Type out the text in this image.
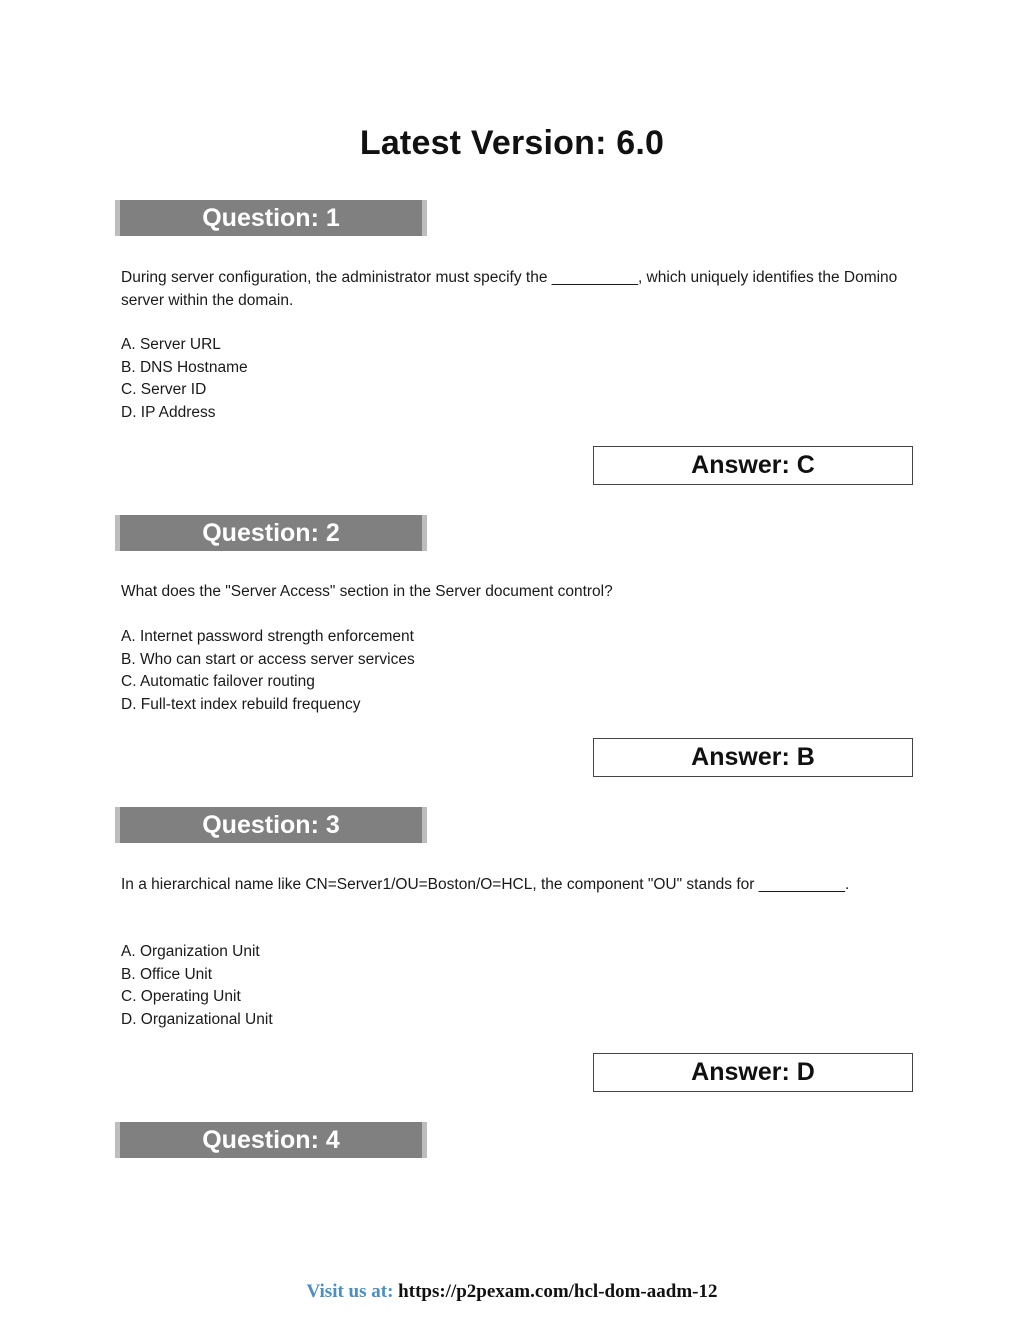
Latest Version: 6.0
Question: 1

During server configuration, the administrator must specify the __________, which uniquely identifies the Domino server within the domain.

A. Server URL
B. DNS Hostname
C. Server ID
D. IP Address
Answer: C
Question: 2

What does the "Server Access" section in the Server document control?

A. Internet password strength enforcement
B. Who can start or access server services
C. Automatic failover routing
D. Full-text index rebuild frequency
Answer: B
Question: 3

In a hierarchical name like CN=Server1/OU=Boston/O=HCL, the component "OU" stands for __________.

A. Organization Unit
B. Office Unit
C. Operating Unit
D. Organizational Unit
Answer: D
Question: 4
Visit us at: https://p2pexam.com/hcl-dom-aadm-12
